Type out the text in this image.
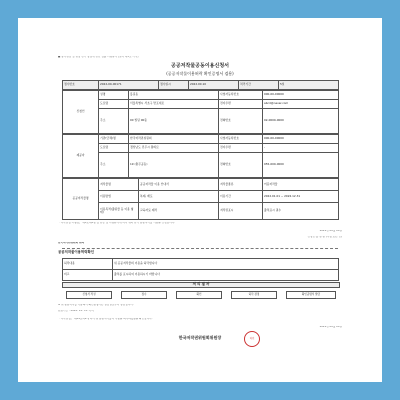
■ 공사현장 및 현장 관리 방침에 관한 법률 시행규칙 [별지 제1호 서식]
공공저작물공동이용신청서
(공공저작물이용허락 확인증명서 겸용)
접수번호	2022-00-00171	접수일시	2022.00.10	처리기간	5일
신청인	성명	홍길동	사업자등록번호	000-00-00000
	도로명	서울특별시 서초구 반포대로	전자우편	abcd@naver.com
	주소	00 빌딩 00층	전화번호	02-0000-0000
제공자	기관(단체)명	한국저작권위원회	사업자등록번호	000-00-00000
	도로명	경상남도 진주시 충의로	전자우편	-
	주소	19 (충무공동)	전화번호	055-000-0000
공공저작물명	저작물명	공공저작물 이용 안내서	저작물종류	어문저작물
	이용방법	복제, 배포	이용기간	2022.01.01 ~ 2022.12.31
	이용목적(출판물 등 이용 형태)	교육자료 제작	저작권표시	출처표시 필수
「저작권법 시행령」 제1조제2항 및 같은 법 시행규칙에 따라 위와 같이 공공저작물 이용을 신청합니다.
2022년 00월 00일
신청인 홍 길 동 (서명 또는 인)
한국저작권위원회 귀하
공공저작물이용허락확인
허락내용	위 공공저작물의 이용을 허락합니다
비고	출처를 표시하여 이용하시기 바랍니다
처 리 절 차
신청서 작성	접수	확인	허락 결정	확인증명서 발급
※ 위 공공저작물 이용허락 확인증명서는 발급일로부터 유효합니다.
유효기간 : 2022. 12. 31. 까지
「저작권법」 제24조의2에 따라 위 공공저작물의 이용을 허락하였음을 확인합니다.
2022년 00월 00일
한국저작권위원회위원장	직인
